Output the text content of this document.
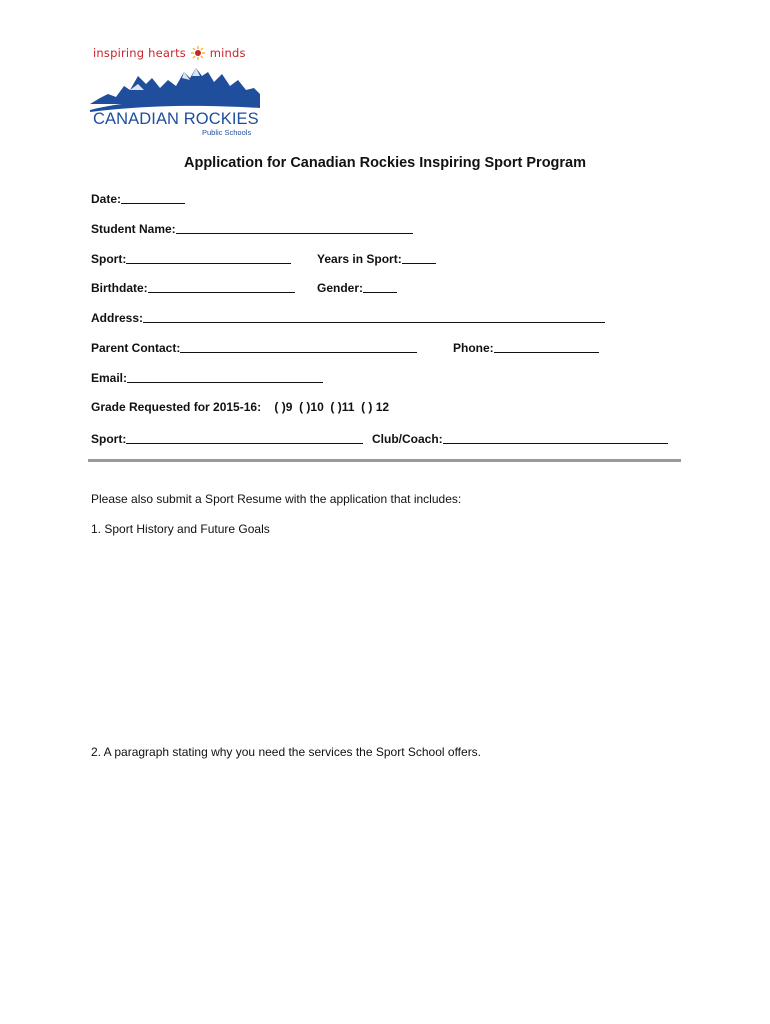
inspiring hearts minds
CANADIAN ROCKIES
Public Schools
Application for Canadian Rockies Inspiring Sport Program
Date:
Student Name:
Sport:	Years in Sport:
Birthdate:	Gender:
Address:
Parent Contact:	Phone:
Email:
Grade Requested for 2015-16: ( )9  ( )10  ( )11  ( ) 12
Sport:	Club/Coach:
Please also submit a Sport Resume with the application that includes:
1. Sport History and Future Goals
2. A paragraph stating why you need the services the Sport School offers.
